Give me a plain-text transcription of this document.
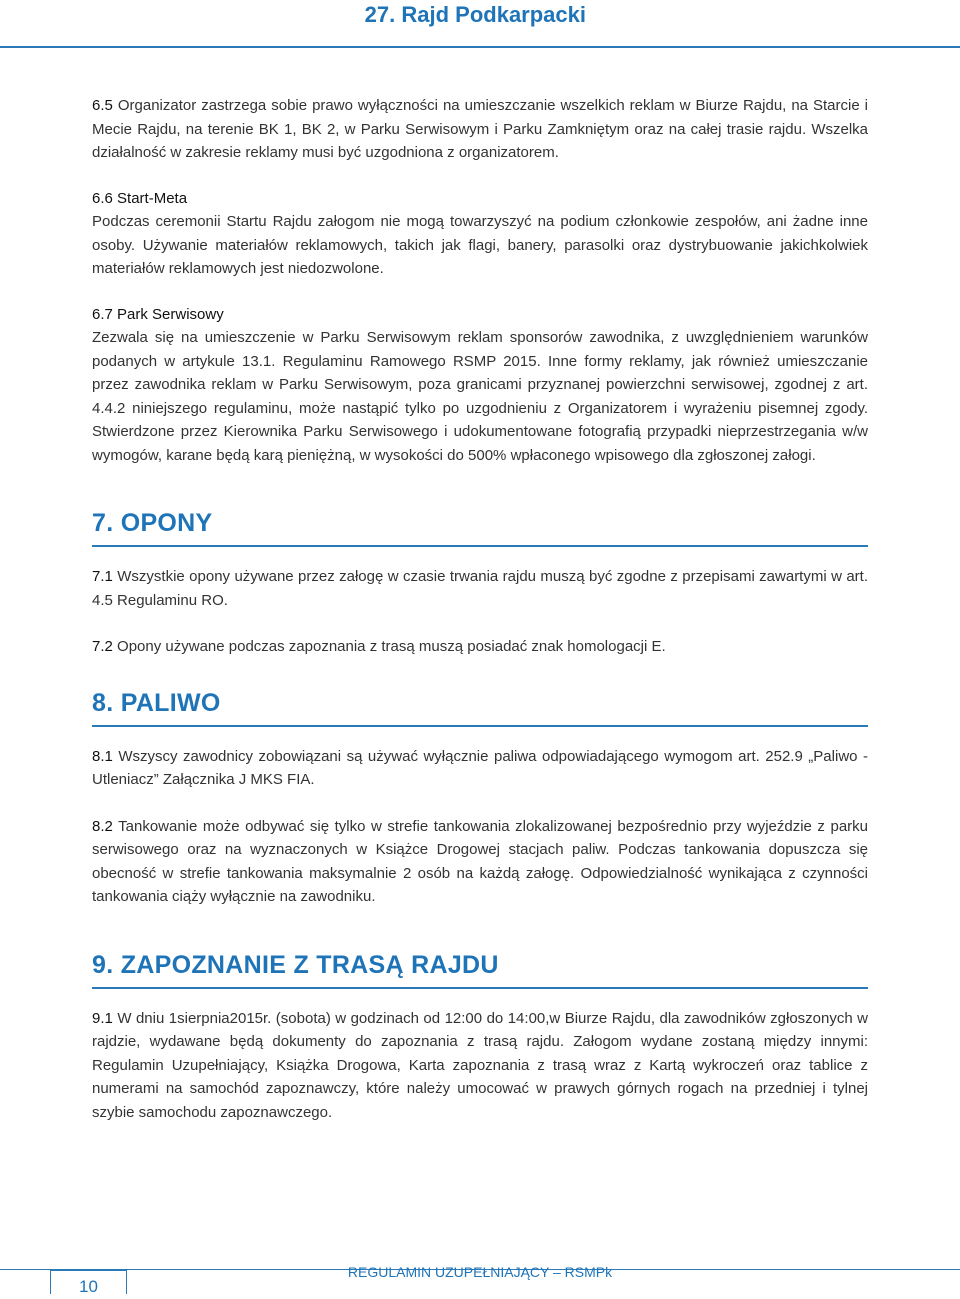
27. Rajd Podkarpacki

6.5 Organizator zastrzega sobie prawo wyłączności na umieszczanie wszelkich reklam w Biurze Rajdu, na Starcie i Mecie Rajdu, na terenie BK 1, BK 2, w Parku Serwisowym i Parku Zamkniętym oraz na całej trasie rajdu. Wszelka działalność w zakresie reklamy musi być uzgodniona z organizatorem.

6.6 Start-Meta

Podczas ceremonii Startu Rajdu załogom nie mogą towarzyszyć na podium członkowie zespołów, ani żadne inne osoby. Używanie materiałów reklamowych, takich jak flagi, banery, parasolki oraz dystrybuowanie jakichkolwiek materiałów reklamowych jest niedozwolone.

6.7 Park Serwisowy

Zezwala się na umieszczenie w Parku Serwisowym reklam sponsorów zawodnika, z uwzględnieniem warunków podanych w artykule 13.1. Regulaminu Ramowego RSMP 2015. Inne formy reklamy, jak również umieszczanie przez zawodnika reklam w Parku Serwisowym, poza granicami przyznanej powierzchni serwisowej, zgodnej z art. 4.4.2 niniejszego regulaminu, może nastąpić tylko po uzgodnieniu z Organizatorem i wyrażeniu pisemnej zgody. Stwierdzone przez Kierownika Parku Serwisowego i udokumentowane fotografią przypadki nieprzestrzegania w/w wymogów, karane będą karą pieniężną, w wysokości do 500% wpłaconego wpisowego dla zgłoszonej załogi.

7. OPONY

7.1 Wszystkie opony używane przez załogę w czasie trwania rajdu muszą być zgodne z przepisami zawartymi w art. 4.5 Regulaminu RO.

7.2 Opony używane podczas zapoznania z trasą muszą posiadać znak homologacji E.

8. PALIWO

8.1 Wszyscy zawodnicy zobowiązani są używać wyłącznie paliwa odpowiadającego wymogom art. 252.9 „Paliwo - Utleniacz” Załącznika J MKS FIA.

8.2 Tankowanie może odbywać się tylko w strefie tankowania zlokalizowanej bezpośrednio przy wyjeździe z parku serwisowego oraz na wyznaczonych w Książce Drogowej stacjach paliw. Podczas tankowania dopuszcza się obecność w strefie tankowania maksymalnie 2 osób na każdą załogę. Odpowiedzialność wynikająca z czynności tankowania ciąży wyłącznie na zawodniku.

9. ZAPOZNANIE Z TRASĄ RAJDU

9.1 W dniu 1sierpnia2015r. (sobota) w godzinach od 12:00 do 14:00,w Biurze Rajdu, dla zawodników zgłoszonych w rajdzie, wydawane będą dokumenty do zapoznania z trasą rajdu. Załogom wydane zostaną między innymi: Regulamin Uzupełniający, Książka Drogowa, Karta zapoznania z trasą wraz z Kartą wykroczeń oraz tablice z numerami na samochód zapoznawczy, które należy umocować w prawych górnych rogach na przedniej i tylnej szybie samochodu zapoznawczego.

10
REGULAMIN UZUPEŁNIAJĄCY – RSMPk
